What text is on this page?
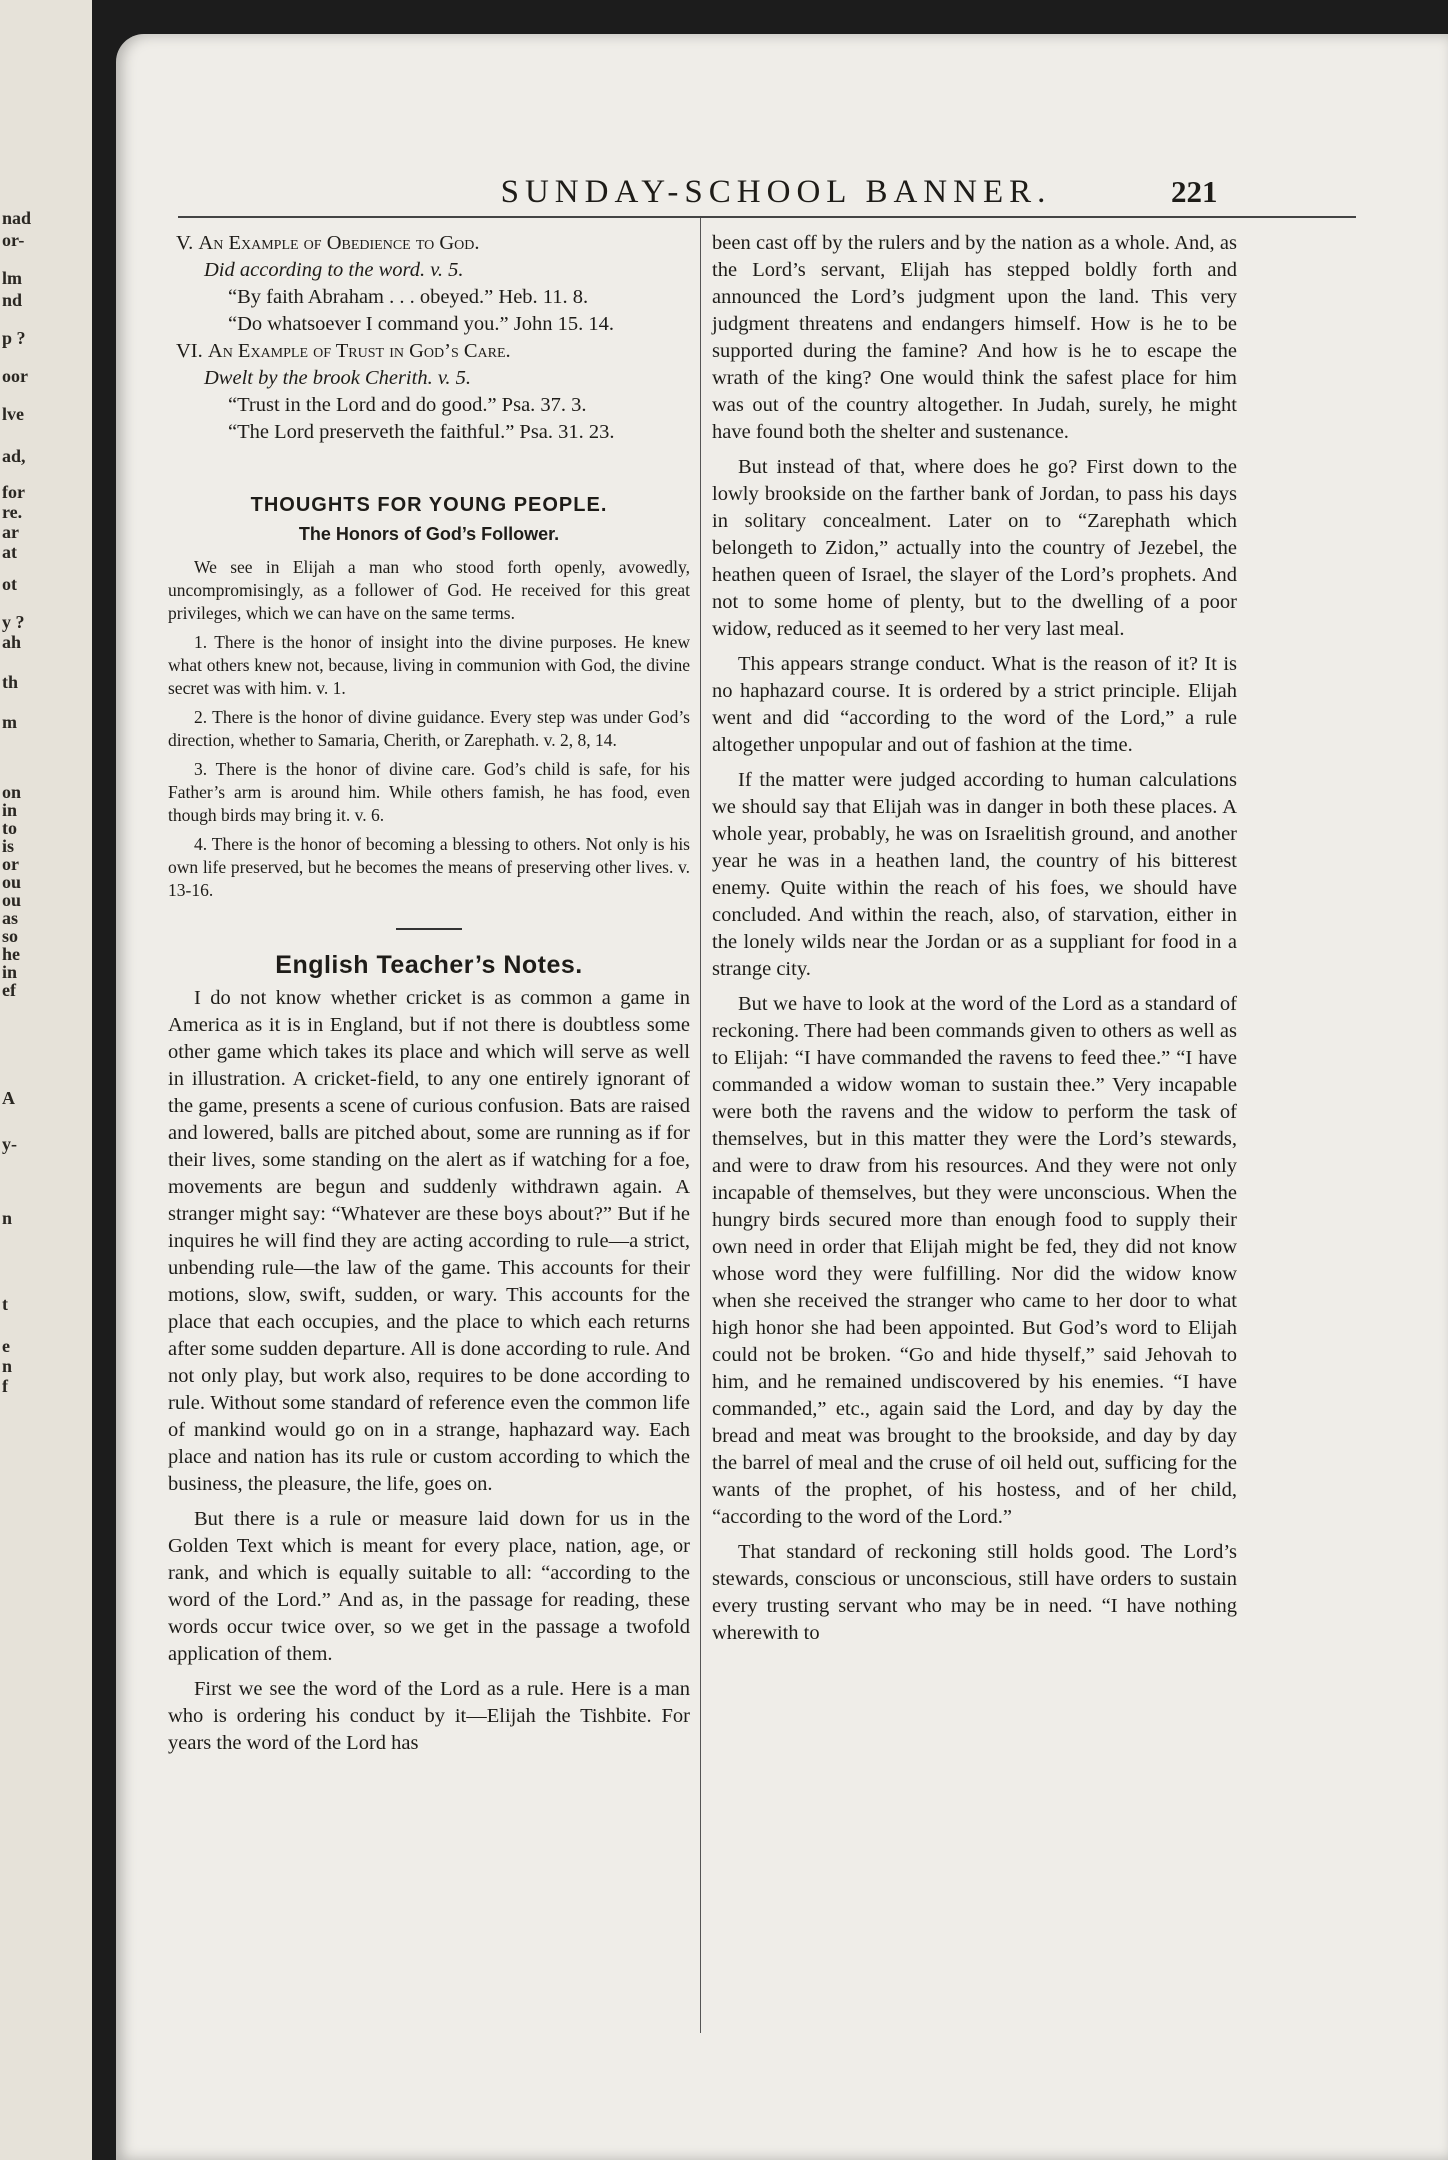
nad
or-
lm
nd
p ?
oor
lve
ad,
for
re.
ar
at
ot
y ?
ah
th
m
on
in
to
is
or
ou
ou
as
so
he
in
ef
A
y-
n
t
e
n
f
SUNDAY-SCHOOL BANNER.	221

V. An Example of Obedience to God.

Did according to the word. v. 5.

“By faith Abraham . . . obeyed.” Heb. 11. 8.

“Do whatsoever I command you.” John 15. 14.

VI. An Example of Trust in God’s Care.

Dwelt by the brook Cherith. v. 5.

“Trust in the Lord and do good.” Psa. 37. 3.

“The Lord preserveth the faithful.” Psa. 31. 23.

THOUGHTS FOR YOUNG PEOPLE.

The Honors of God’s Follower.

We see in Elijah a man who stood forth openly, avowedly, uncompromisingly, as a follower of God. He received for this great privileges, which we can have on the same terms.

1. There is the honor of insight into the divine purposes. He knew what others knew not, because, living in communion with God, the divine secret was with him. v. 1.

2. There is the honor of divine guidance. Every step was under God’s direction, whether to Samaria, Cherith, or Zarephath. v. 2, 8, 14.

3. There is the honor of divine care. God’s child is safe, for his Father’s arm is around him. While others famish, he has food, even though birds may bring it. v. 6.

4. There is the honor of becoming a blessing to others. Not only is his own life preserved, but he becomes the means of preserving other lives. v. 13-16.

English Teacher’s Notes.

I do not know whether cricket is as common a game in America as it is in England, but if not there is doubtless some other game which takes its place and which will serve as well in illustration. A cricket-field, to any one entirely ignorant of the game, presents a scene of curious confusion. Bats are raised and lowered, balls are pitched about, some are running as if for their lives, some standing on the alert as if watching for a foe, movements are begun and suddenly withdrawn again. A stranger might say: “Whatever are these boys about?” But if he inquires he will find they are acting according to rule—a strict, unbending rule—the law of the game. This accounts for their motions, slow, swift, sudden, or wary. This accounts for the place that each occupies, and the place to which each returns after some sudden departure. All is done according to rule. And not only play, but work also, requires to be done according to rule. Without some standard of reference even the common life of mankind would go on in a strange, haphazard way. Each place and nation has its rule or custom according to which the business, the pleasure, the life, goes on.

But there is a rule or measure laid down for us in the Golden Text which is meant for every place, nation, age, or rank, and which is equally suitable to all: “according to the word of the Lord.” And as, in the passage for reading, these words occur twice over, so we get in the passage a twofold application of them.

First we see the word of the Lord as a rule. Here is a man who is ordering his conduct by it—Elijah the Tishbite. For years the word of the Lord has

been cast off by the rulers and by the nation as a whole. And, as the Lord’s servant, Elijah has stepped boldly forth and announced the Lord’s judgment upon the land. This very judgment threatens and endangers himself. How is he to be supported during the famine? And how is he to escape the wrath of the king? One would think the safest place for him was out of the country altogether. In Judah, surely, he might have found both the shelter and sustenance.

But instead of that, where does he go? First down to the lowly brookside on the farther bank of Jordan, to pass his days in solitary concealment. Later on to “Zarephath which belongeth to Zidon,” actually into the country of Jezebel, the heathen queen of Israel, the slayer of the Lord’s prophets. And not to some home of plenty, but to the dwelling of a poor widow, reduced as it seemed to her very last meal.

This appears strange conduct. What is the reason of it? It is no haphazard course. It is ordered by a strict principle. Elijah went and did “according to the word of the Lord,” a rule altogether unpopular and out of fashion at the time.

If the matter were judged according to human calculations we should say that Elijah was in danger in both these places. A whole year, probably, he was on Israelitish ground, and another year he was in a heathen land, the country of his bitterest enemy. Quite within the reach of his foes, we should have concluded. And within the reach, also, of starvation, either in the lonely wilds near the Jordan or as a suppliant for food in a strange city.

But we have to look at the word of the Lord as a standard of reckoning. There had been commands given to others as well as to Elijah: “I have commanded the ravens to feed thee.” “I have commanded a widow woman to sustain thee.” Very incapable were both the ravens and the widow to perform the task of themselves, but in this matter they were the Lord’s stewards, and were to draw from his resources. And they were not only incapable of themselves, but they were unconscious. When the hungry birds secured more than enough food to supply their own need in order that Elijah might be fed, they did not know whose word they were fulfilling. Nor did the widow know when she received the stranger who came to her door to what high honor she had been appointed. But God’s word to Elijah could not be broken. “Go and hide thyself,” said Jehovah to him, and he remained undiscovered by his enemies. “I have commanded,” etc., again said the Lord, and day by day the bread and meat was brought to the brookside, and day by day the barrel of meal and the cruse of oil held out, sufficing for the wants of the prophet, of his hostess, and of her child, “according to the word of the Lord.”

That standard of reckoning still holds good. The Lord’s stewards, conscious or unconscious, still have orders to sustain every trusting servant who may be in need. “I have nothing wherewith to
